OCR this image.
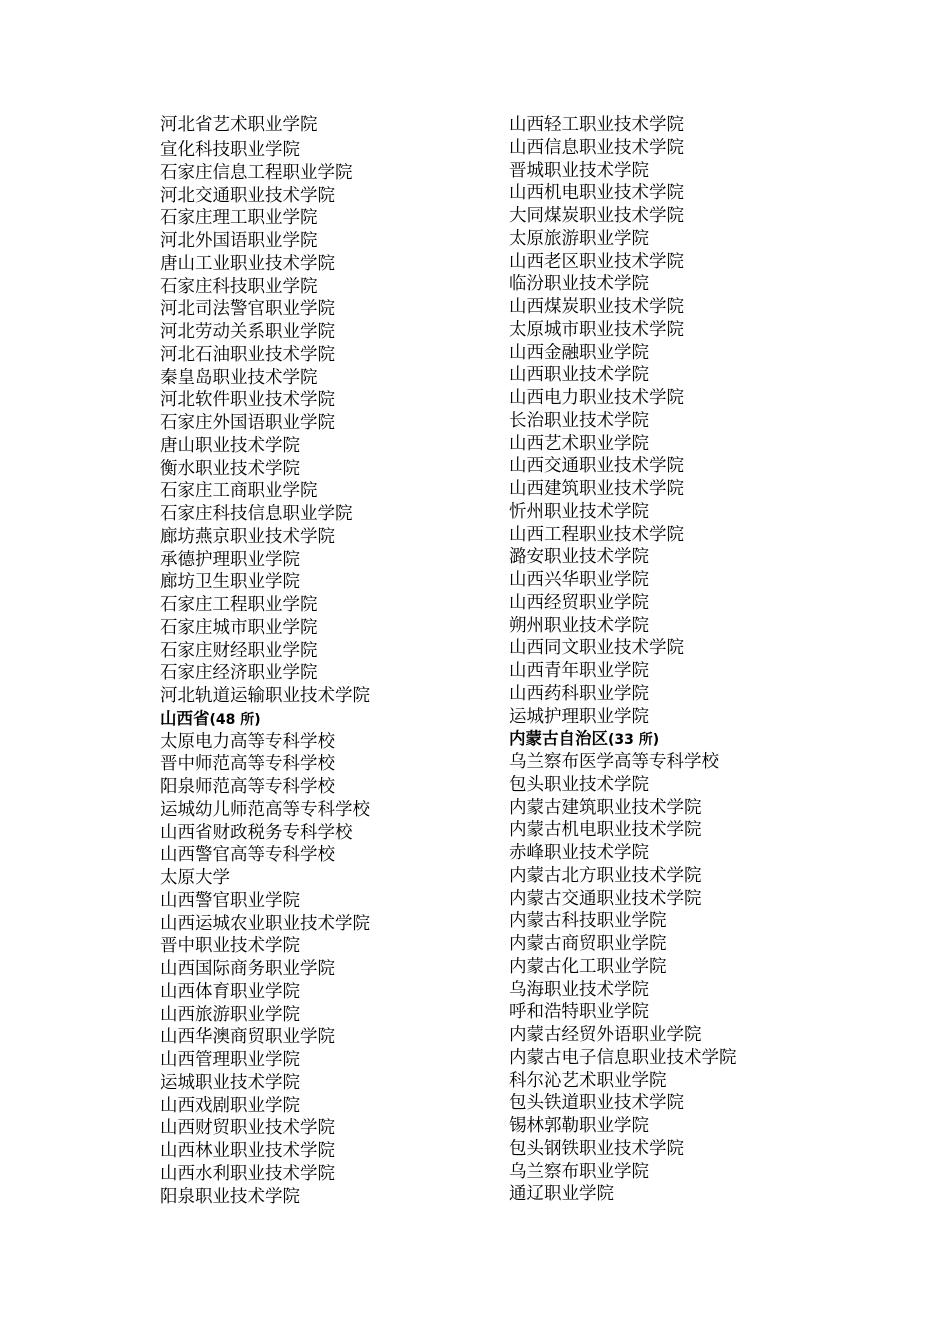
河北省艺术职业学院
宣化科技职业学院
石家庄信息工程职业学院
河北交通职业技术学院
石家庄理工职业学院
河北外国语职业学院
唐山工业职业技术学院
石家庄科技职业学院
河北司法警官职业学院
河北劳动关系职业学院
河北石油职业技术学院
秦皇岛职业技术学院
河北软件职业技术学院
石家庄外国语职业学院
唐山职业技术学院
衡水职业技术学院
石家庄工商职业学院
石家庄科技信息职业学院
廊坊燕京职业技术学院
承德护理职业学院
廊坊卫生职业学院
石家庄工程职业学院
石家庄城市职业学院
石家庄财经职业学院
石家庄经济职业学院
河北轨道运输职业技术学院
山西省(48 所)
太原电力高等专科学校
晋中师范高等专科学校
阳泉师范高等专科学校
运城幼儿师范高等专科学校
山西省财政税务专科学校
山西警官高等专科学校
太原大学
山西警官职业学院
山西运城农业职业技术学院
晋中职业技术学院
山西国际商务职业学院
山西体育职业学院
山西旅游职业学院
山西华澳商贸职业学院
山西管理职业学院
运城职业技术学院
山西戏剧职业学院
山西财贸职业技术学院
山西林业职业技术学院
山西水利职业技术学院
阳泉职业技术学院
山西轻工职业技术学院
山西信息职业技术学院
晋城职业技术学院
山西机电职业技术学院
大同煤炭职业技术学院
太原旅游职业学院
山西老区职业技术学院
临汾职业技术学院
山西煤炭职业技术学院
太原城市职业技术学院
山西金融职业学院
山西职业技术学院
山西电力职业技术学院
长治职业技术学院
山西艺术职业学院
山西交通职业技术学院
山西建筑职业技术学院
忻州职业技术学院
山西工程职业技术学院
潞安职业技术学院
山西兴华职业学院
山西经贸职业学院
朔州职业技术学院
山西同文职业技术学院
山西青年职业学院
山西药科职业学院
运城护理职业学院
内蒙古自治区(33 所)
乌兰察布医学高等专科学校
包头职业技术学院
内蒙古建筑职业技术学院
内蒙古机电职业技术学院
赤峰职业技术学院
内蒙古北方职业技术学院
内蒙古交通职业技术学院
内蒙古科技职业学院
内蒙古商贸职业学院
内蒙古化工职业学院
乌海职业技术学院
呼和浩特职业学院
内蒙古经贸外语职业学院
内蒙古电子信息职业技术学院
科尔沁艺术职业学院
包头铁道职业技术学院
锡林郭勒职业学院
包头钢铁职业技术学院
乌兰察布职业学院
通辽职业学院
